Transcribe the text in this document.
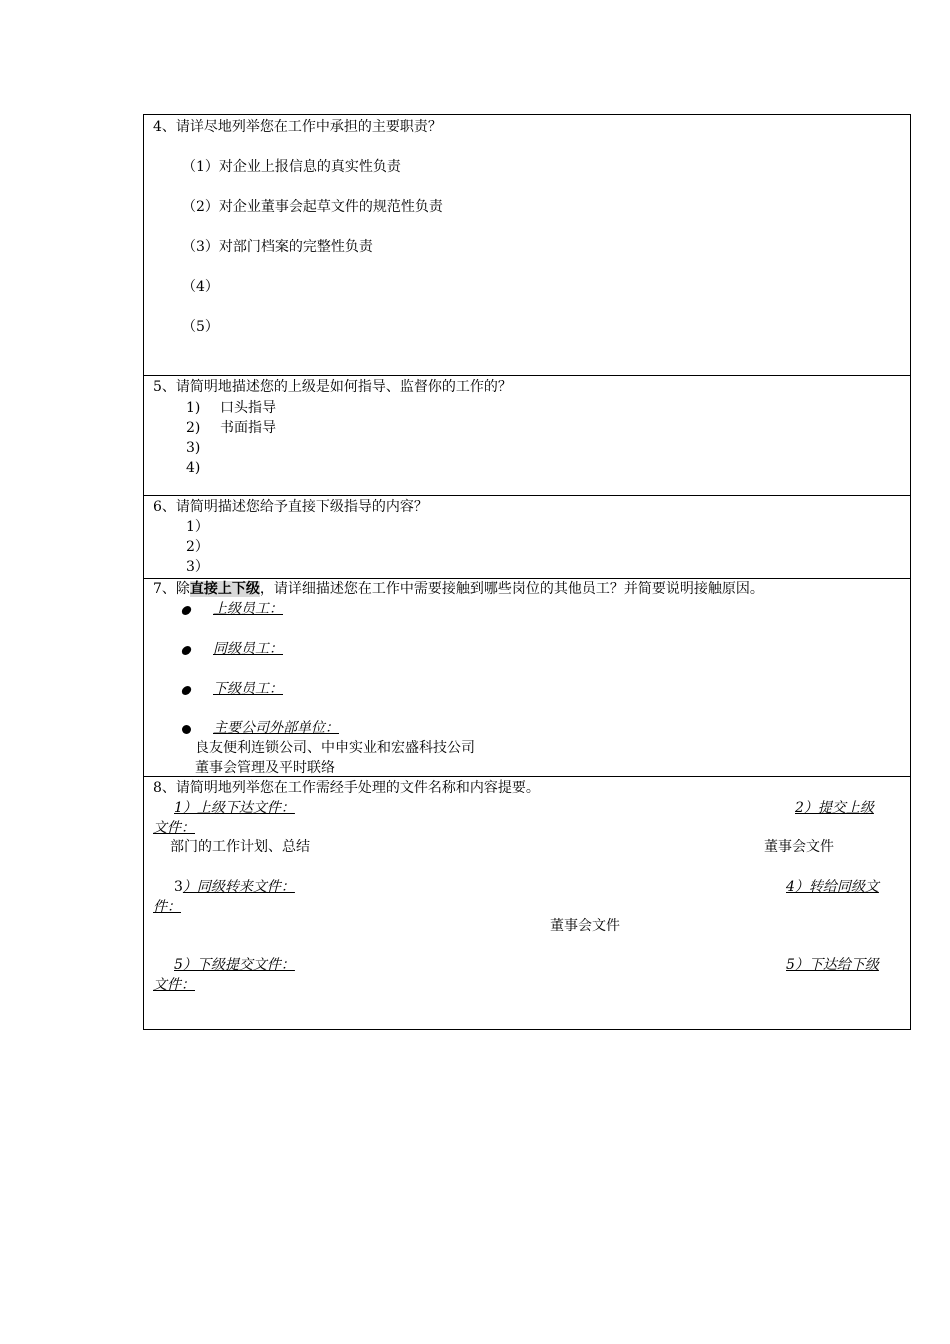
4、请详尽地列举您在工作中承担的主要职责？
（1）对企业上报信息的真实性负责
（2）对企业董事会起草文件的规范性负责
（3）对部门档案的完整性负责
（4）
（5）
5、请简明地描述您的上级是如何指导、监督你的工作的？
1) 口头指导
2) 书面指导
3)
4)
6、请简明描述您给予直接下级指导的内容？
1）
2）
3）
7、除直接上下级，请详细描述您在工作中需要接触到哪些岗位的其他员工？并简要说明接触原因。
上级员工：
同级员工：
下级员工：
主要公司外部单位：
良友便利连锁公司、中申实业和宏盛科技公司
董事会管理及平时联络
8、请简明地列举您在工作需经手处理的文件名称和内容提要。
1）上级下达文件：	2）提交上级
文件：
部门的工作计划、总结	董事会文件
3）同级转来文件：	4）转给同级文
件：
董事会文件
5）下级提交文件：	5）下达给下级
文件：
